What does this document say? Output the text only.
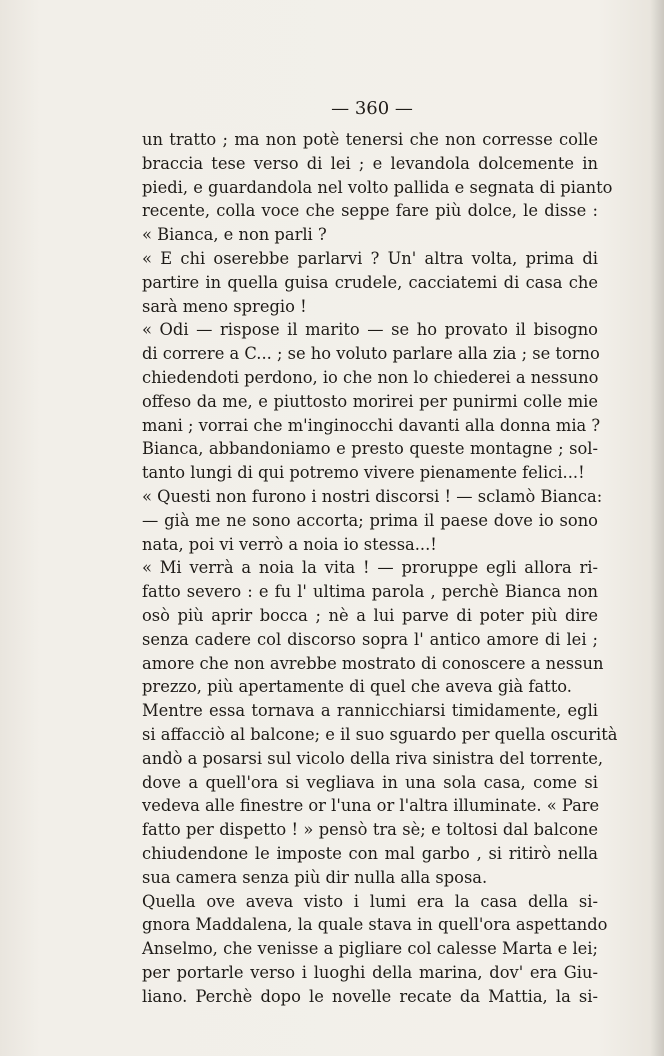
— 360 —
un tratto ; ma non potè tenersi che non corresse colle
braccia tese verso di lei ; e levandola dolcemente in
piedi, e guardandola nel volto pallida e segnata di pianto
recente, colla voce che seppe fare più dolce, le disse :
« Bianca, e non parli ?
« E chi oserebbe parlarvi ? Un' altra volta, prima di
partire in quella guisa crudele, cacciatemi di casa che
sarà meno spregio !
« Odi — rispose il marito — se ho provato il bisogno
di correre a C... ; se ho voluto parlare alla zia ; se torno
chiedendoti perdono, io che non lo chiederei a nessuno
offeso da me, e piuttosto morirei per punirmi colle mie
mani ; vorrai che m'inginocchi davanti alla donna mia ?
Bianca, abbandoniamo e presto queste montagne ; sol-
tanto lungi di qui potremo vivere pienamente felici...!
« Questi non furono i nostri discorsi ! — sclamò Bianca:
— già me ne sono accorta; prima il paese dove io sono
nata, poi vi verrò a noia io stessa...!
« Mi verrà a noia la vita ! — proruppe egli allora ri-
fatto severo : e fu l' ultima parola , perchè Bianca non
osò più aprir bocca ; nè a lui parve di poter più dire
senza cadere col discorso sopra l' antico amore di lei ;
amore che non avrebbe mostrato di conoscere a nessun
prezzo, più apertamente di quel che aveva già fatto.
Mentre essa tornava a rannicchiarsi timidamente, egli
si affacciò al balcone; e il suo sguardo per quella oscurità
andò a posarsi sul vicolo della riva sinistra del torrente,
dove a quell'ora si vegliava in una sola casa, come si
vedeva alle finestre or l'una or l'altra illuminate. « Pare
fatto per dispetto ! » pensò tra sè; e toltosi dal balcone
chiudendone le imposte con mal garbo , si ritirò nella
sua camera senza più dir nulla alla sposa.
Quella ove aveva visto i lumi era la casa della si-
gnora Maddalena, la quale stava in quell'ora aspettando
Anselmo, che venisse a pigliare col calesse Marta e lei;
per portarle verso i luoghi della marina, dov' era Giu-
liano. Perchè dopo le novelle recate da Mattia, la si-
